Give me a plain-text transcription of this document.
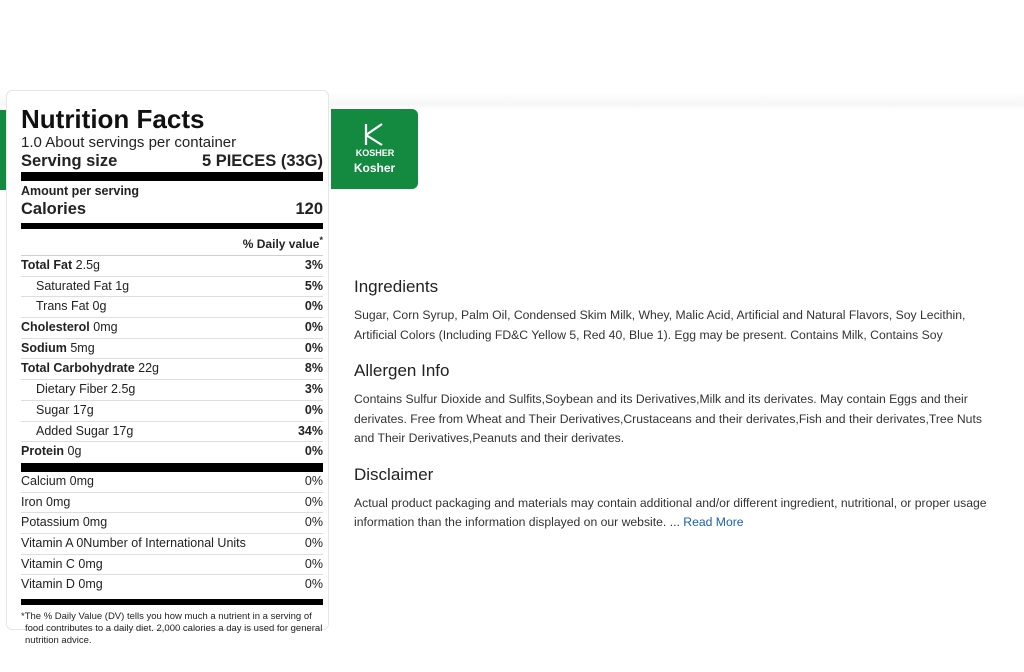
Nutrition Facts
1.0 About servings per container
Serving size	5 PIECES (33G)
Amount per serving
Calories	120
% Daily value*
Total Fat 2.5g	3%
Saturated Fat 1g	5%
Trans Fat 0g	0%
Cholesterol 0mg	0%
Sodium 5mg	0%
Total Carbohydrate 22g	8%
Dietary Fiber 2.5g	3%
Sugar 17g	0%
Added Sugar 17g	34%
Protein 0g	0%
Calcium 0mg	0%
Iron 0mg	0%
Potassium 0mg	0%
Vitamin A 0Number of International Units	0%
Vitamin C 0mg	0%
Vitamin D 0mg	0%
*The % Daily Value (DV) tells you how much a nutrient in a serving of food contributes to a daily diet. 2,000 calories a day is used for general nutrition advice.
KOSHER
Kosher
Ingredients
Sugar, Corn Syrup, Palm Oil, Condensed Skim Milk, Whey, Malic Acid, Artificial and Natural Flavors, Soy Lecithin, Artificial Colors (Including FD&C Yellow 5, Red 40, Blue 1). Egg may be present. Contains Milk, Contains Soy
Allergen Info
Contains Sulfur Dioxide and Sulfits,Soybean and its Derivatives,Milk and its derivates. May contain Eggs and their derivates. Free from Wheat and Their Derivatives,Crustaceans and their derivates,Fish and their derivates,Tree Nuts and Their Derivatives,Peanuts and their derivates.
Disclaimer
Actual product packaging and materials may contain additional and/or different ingredient, nutritional, or proper usage information than the information displayed on our website. ... Read More
